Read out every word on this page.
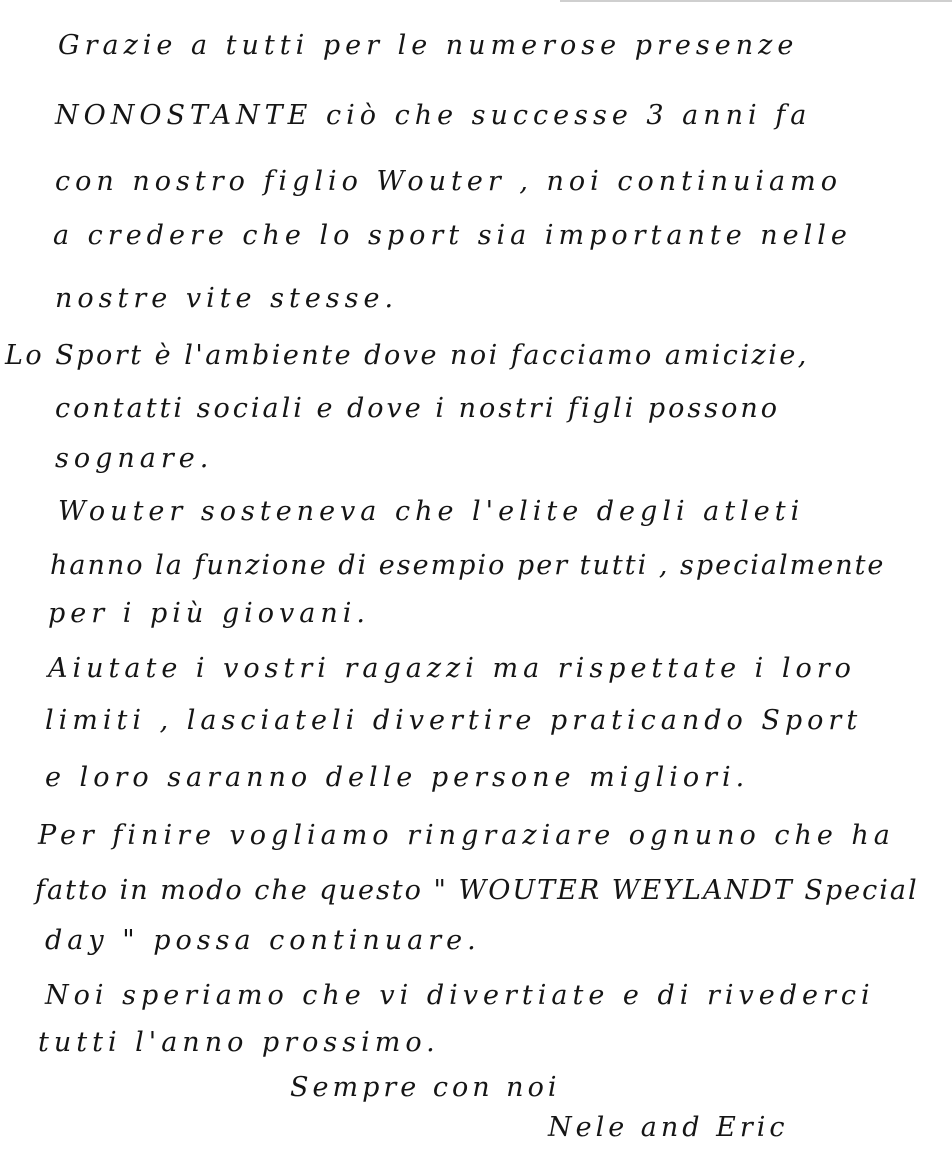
Grazie a tutti per le numerose presenze
NONOSTANTE ciò che successe 3 anni fa
con nostro figlio Wouter , noi continuiamo
a credere che lo sport sia importante nelle
nostre vite stesse.
Lo Sport è l'ambiente dove noi facciamo amicizie,
contatti sociali e dove i nostri figli possono
sognare.
Wouter sosteneva che l'elite degli atleti
hanno la funzione di esempio per tutti , specialmente
per i più giovani.
Aiutate i vostri ragazzi ma rispettate i loro
limiti , lasciateli divertire praticando Sport
e loro saranno delle persone migliori.
Per finire vogliamo ringraziare ognuno che ha
fatto in modo che questo " WOUTER WEYLANDT Special
day " possa continuare.
Noi speriamo che vi divertiate e di rivederci
tutti l'anno prossimo.
Sempre con noi
Nele and Eric
